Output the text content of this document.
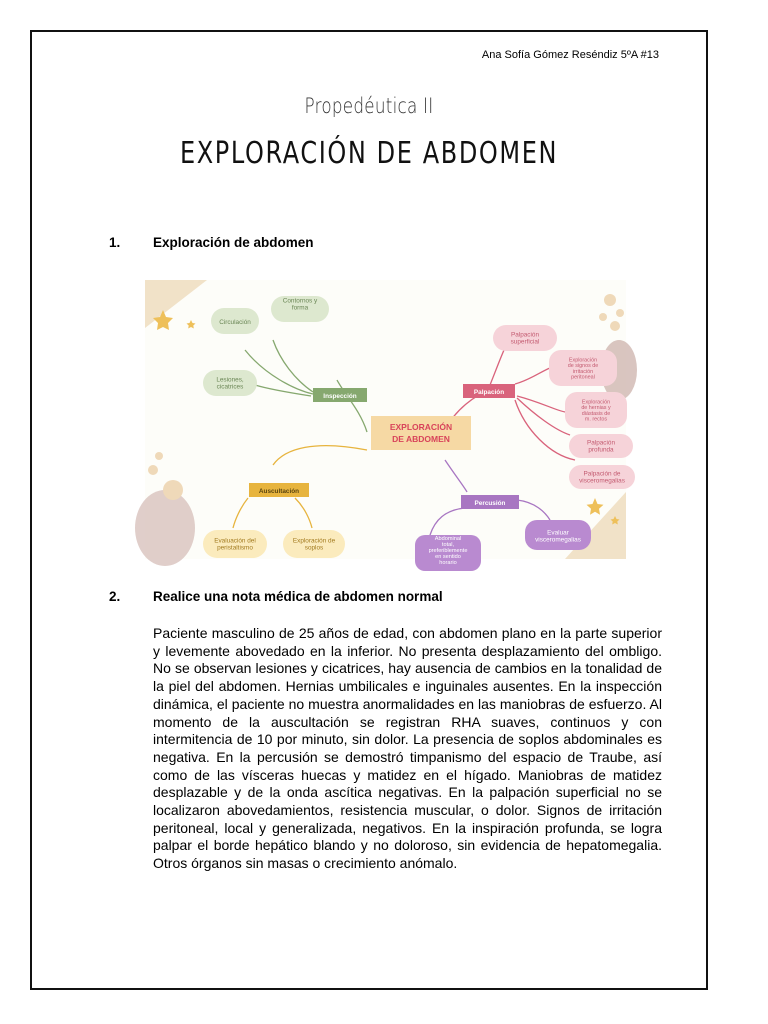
Ana Sofía Gómez Reséndiz 5ºA #13
Propedéutica II
EXPLORACIÓN DE ABDOMEN
1. Exploración de abdomen
EXPLORACIÓN
DE ABDOMEN
Inspección
Circulación
Contornos y forma
Lesiones, cicatrices
Palpación
Palpación superficial
Exploración de signos de irritación peritoneal
Exploración de hernias y diástasis de m. rectos
Palpación profunda
Palpación de visceromegalias
Auscultación
Evaluación del peristaltismo
Exploración de soplos
Percusión
Abdominal total, preferiblemente en sentido horario
Evaluar visceromegalias
2. Realice una nota médica de abdomen normal
Paciente masculino de 25 años de edad, con abdomen plano en la parte superior y levemente abovedado en la inferior. No presenta desplazamiento del ombligo. No se observan lesiones y cicatrices, hay ausencia de cambios en la tonalidad de la piel del abdomen. Hernias umbilicales e inguinales ausentes. En la inspección dinámica, el paciente no muestra anormalidades en las maniobras de esfuerzo. Al momento de la auscultación se registran RHA suaves, continuos y con intermitencia de 10 por minuto, sin dolor. La presencia de soplos abdominales es negativa. En la percusión se demostró timpanismo del espacio de Traube, así como de las vísceras huecas y matidez en el hígado. Maniobras de matidez desplazable y de la onda ascítica negativas. En la palpación superficial no se localizaron abovedamientos, resistencia muscular, o dolor. Signos de irritación peritoneal, local y generalizada, negativos. En la inspiración profunda, se logra palpar el borde hepático blando y no doloroso, sin evidencia de hepatomegalia. Otros órganos sin masas o crecimiento anómalo.
